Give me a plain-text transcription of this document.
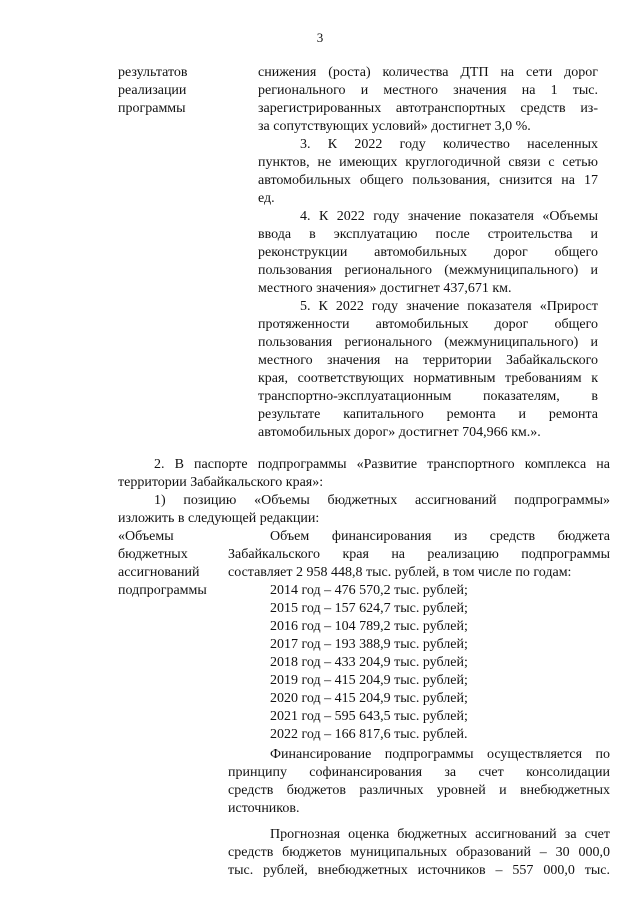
3
результатов
реализации
программы
снижения (роста) количества ДТП на сети дорог
регионального и местного значения на 1 тыс.
зарегистрированных автотранспортных средств из-
за сопутствующих условий» достигнет 3,0 %.
3. К 2022 году количество населенных
пунктов, не имеющих круглогодичной связи с сетью
автомобильных общего пользования, снизится на 17
ед.
4. К 2022 году значение показателя «Объемы
ввода в эксплуатацию после строительства и
реконструкции автомобильных дорог общего
пользования регионального (межмуниципального) и
местного значения» достигнет 437,671 км.
5. К 2022 году значение показателя «Прирост
протяженности автомобильных дорог общего
пользования регионального (межмуниципального) и
местного значения на территории Забайкальского
края, соответствующих нормативным требованиям к
транспортно-эксплуатационным показателям, в
результате капитального ремонта и ремонта
автомобильных дорог» достигнет 704,966 км.».
2. В паспорте подпрограммы «Развитие транспортного комплекса на
территории Забайкальского края»:
1) позицию «Объемы бюджетных ассигнований подпрограммы»
изложить в следующей редакции:
«Объемы
бюджетных
ассигнований
подпрограммы
Объем финансирования из средств бюджета
Забайкальского края на реализацию подпрограммы
составляет 2 958 448,8 тыс. рублей, в том числе по годам:
2014 год – 476 570,2 тыс. рублей;
2015 год – 157 624,7 тыс. рублей;
2016 год – 104 789,2 тыс. рублей;
2017 год – 193 388,9 тыс. рублей;
2018 год – 433 204,9 тыс. рублей;
2019 год – 415 204,9 тыс. рублей;
2020 год – 415 204,9 тыс. рублей;
2021 год – 595 643,5 тыс. рублей;
2022 год – 166 817,6 тыс. рублей.
Финансирование подпрограммы осуществляется по
принципу софинансирования за счет консолидации
средств бюджетов различных уровней и внебюджетных
источников.
Прогнозная оценка бюджетных ассигнований за счет
средств бюджетов муниципальных образований – 30 000,0
тыс. рублей, внебюджетных источников – 557 000,0 тыс.
